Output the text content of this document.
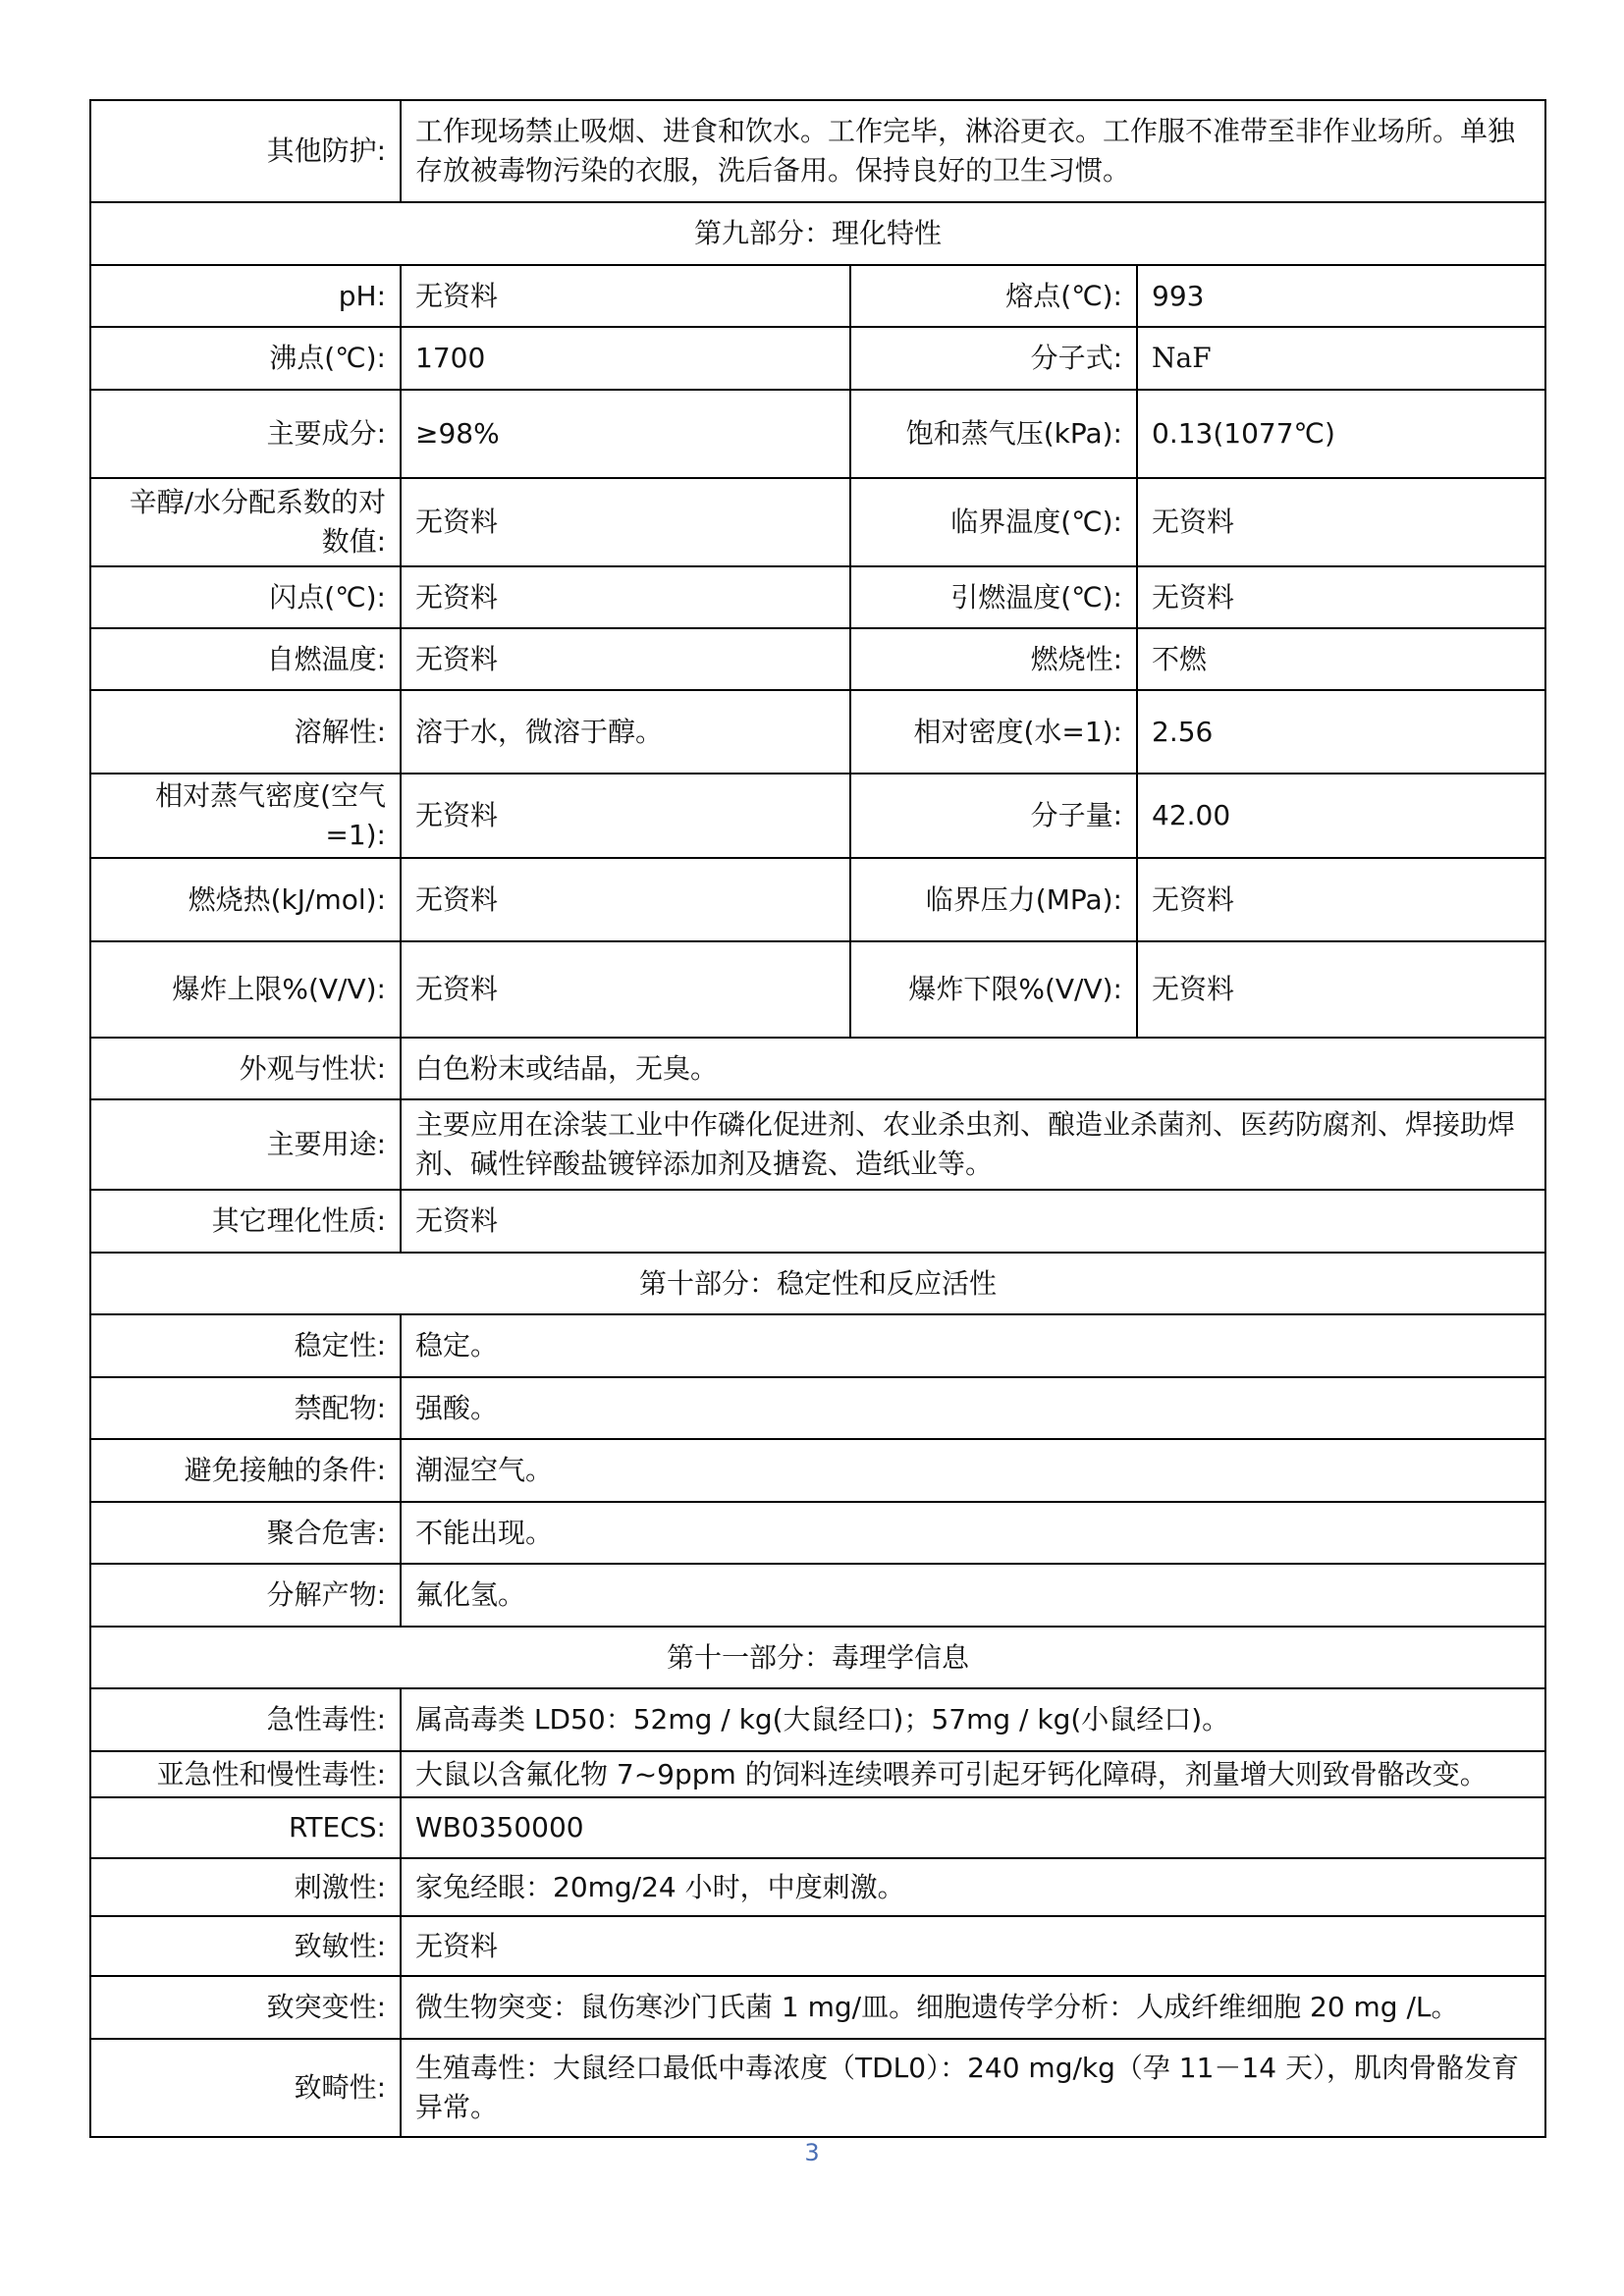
其他防护:	工作现场禁止吸烟、进食和饮水。工作完毕，淋浴更衣。工作服不准带至非作业场所。单独存放被毒物污染的衣服，洗后备用。保持良好的卫生习惯。		
第九部分：理化特性			
pH:	无资料	熔点(℃):	993
沸点(℃):	1700	分子式:	NaF
主要成分:	≥98%	饱和蒸气压(kPa):	0.13(1077℃)
辛醇/水分配系数的对数值:	无资料	临界温度(℃):	无资料
闪点(℃):	无资料	引燃温度(℃):	无资料
自燃温度:	无资料	燃烧性:	不燃
溶解性:	溶于水，微溶于醇。	相对密度(水=1):	2.56
相对蒸气密度(空气=1):	无资料	分子量:	42.00
燃烧热(kJ/mol):	无资料	临界压力(MPa):	无资料
爆炸上限%(V/V):	无资料	爆炸下限%(V/V):	无资料
外观与性状:	白色粉末或结晶，无臭。		
主要用途:	主要应用在涂装工业中作磷化促进剂、农业杀虫剂、酿造业杀菌剂、医药防腐剂、焊接助焊剂、碱性锌酸盐镀锌添加剂及搪瓷、造纸业等。		
其它理化性质:	无资料		
第十部分：稳定性和反应活性			
稳定性:	稳定。		
禁配物:	强酸。		
避免接触的条件:	潮湿空气。		
聚合危害:	不能出现。		
分解产物:	氟化氢。		
第十一部分：毒理学信息			
急性毒性:	属高毒类 LD50：52mg / kg(大鼠经口)；57mg / kg(小鼠经口)。		
亚急性和慢性毒性:	大鼠以含氟化物 7~9ppm 的饲料连续喂养可引起牙钙化障碍，剂量增大则致骨骼改变。		
RTECS:	WB0350000		
刺激性:	家兔经眼：20mg/24 小时，中度刺激。		
致敏性:	无资料		
致突变性:	微生物突变：鼠伤寒沙门氏菌 1 mg/皿。细胞遗传学分析：人成纤维细胞 20 mg /L。		
致畸性:	生殖毒性：大鼠经口最低中毒浓度（TDL0）：240 mg/kg（孕 11－14 天），肌肉骨骼发育异常。		
3
